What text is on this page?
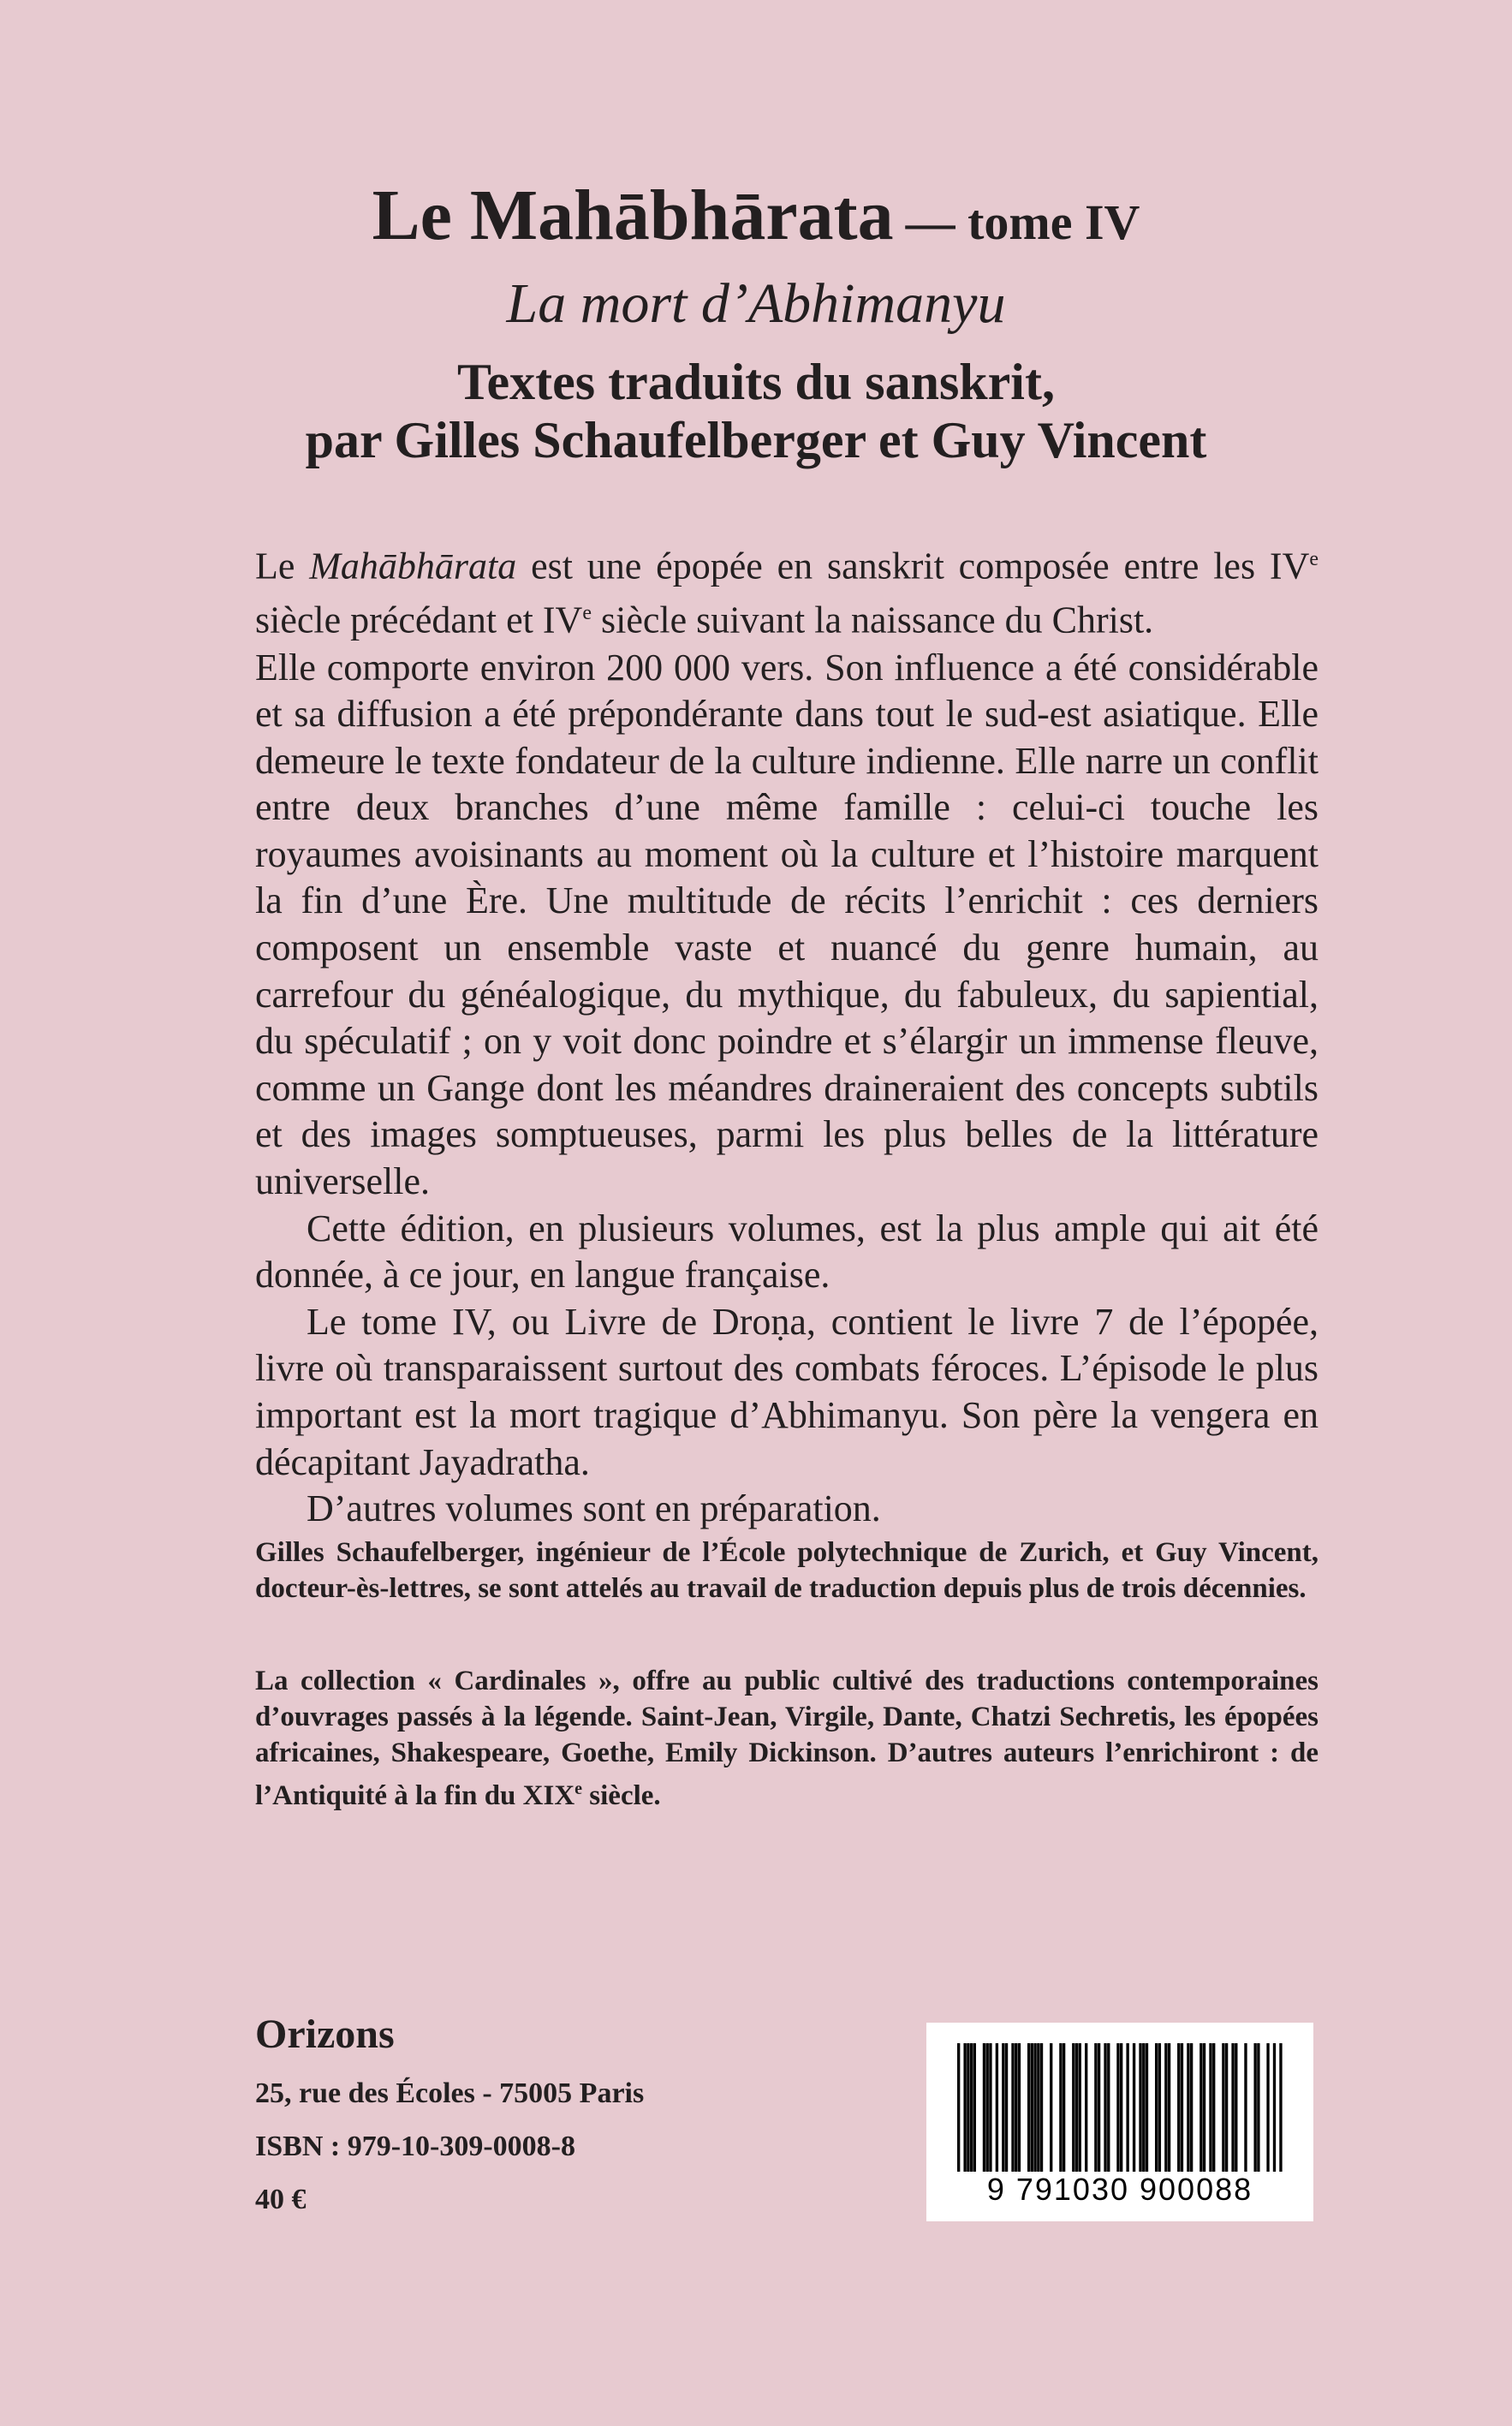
Le Mahābhārata — tome IV
La mort d’Abhimanyu
Textes traduits du sanskrit,
par Gilles Schaufelberger et Guy Vincent

Le Mahābhārata est une épopée en sanskrit composée entre les IVe siècle précédant et IVe siècle suivant la naissance du Christ.

Elle comporte environ 200 000 vers. Son influence a été considérable et sa diffusion a été prépondérante dans tout le sud-est asiatique. Elle demeure le texte fondateur de la culture indienne. Elle narre un conflit entre deux branches d’une même famille : celui-ci touche les royaumes avoisinants au moment où la culture et l’histoire marquent la fin d’une Ère. Une multitude de récits l’enrichit : ces derniers composent un ensemble vaste et nuancé du genre humain, au carrefour du généalogique, du mythique, du fabuleux, du sapiential, du spéculatif ; on y voit donc poindre et s’élargir un immense fleuve, comme un Gange dont les méandres draineraient des concepts subtils et des images somptueuses, parmi les plus belles de la littérature universelle.

Cette édition, en plusieurs volumes, est la plus ample qui ait été donnée, à ce jour, en langue française.

Le tome IV, ou Livre de Droṇa, contient le livre 7 de l’épopée, livre où transparaissent surtout des combats féroces. L’épisode le plus important est la mort tragique d’Abhimanyu. Son père la vengera en décapitant Jayadratha.

D’autres volumes sont en préparation.

Gilles Schaufelberger, ingénieur de l’École polytechnique de Zurich, et Guy Vincent, docteur-ès-lettres, se sont attelés au travail de traduction depuis plus de trois décennies.

La collection « Cardinales », offre au public cultivé des traductions contemporaines d’ouvrages passés à la légende. Saint-Jean, Virgile, Dante, Chatzi Sechretis, les épopées africaines, Shakespeare, Goethe, Emily Dickinson. D’autres auteurs l’enrichiront : de l’Antiquité à la fin du XIXe siècle.

Orizons
25, rue des Écoles - 75005 Paris
ISBN : 979-10-309-0008-8
40 €	9 791030 900088
